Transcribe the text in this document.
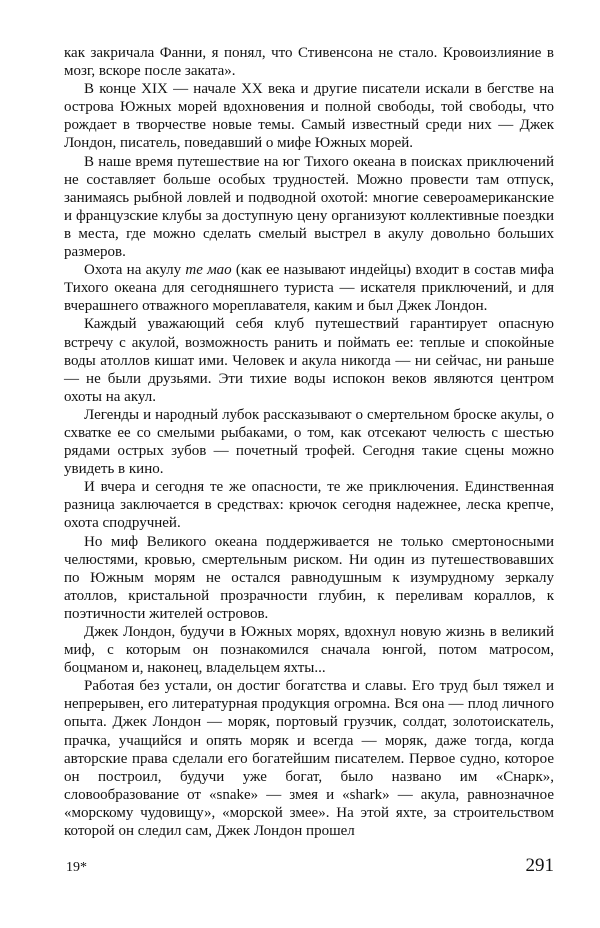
как закричала Фанни, я понял, что Стивенсона не стало. Кровоизлияние в мозг, вскоре после заката».

В конце XIX — начале XX века и другие писатели искали в бегстве на острова Южных морей вдохновения и полной свободы, той свободы, что рождает в творчестве новые темы. Самый известный среди них — Джек Лондон, писатель, поведавший о мифе Южных морей.

В наше время путешествие на юг Тихого океана в поисках приключений не составляет больше особых трудностей. Можно провести там отпуск, занимаясь рыбной ловлей и подводной охотой: многие североамериканские и французские клубы за доступную цену организуют коллективные поездки в места, где можно сделать смелый выстрел в акулу довольно больших размеров.

Охота на акулу те мао (как ее называют индейцы) входит в состав мифа Тихого океана для сегодняшнего туриста — искателя приключений, и для вчерашнего отважного мореплавателя, каким и был Джек Лондон.

Каждый уважающий себя клуб путешествий гарантирует опасную встречу с акулой, возможность ранить и поймать ее: теплые и спокойные воды атоллов кишат ими. Человек и акула никогда — ни сейчас, ни раньше — не были друзьями. Эти тихие воды испокон веков являются центром охоты на акул.

Легенды и народный лубок рассказывают о смертельном броске акулы, о схватке ее со смелыми рыбаками, о том, как отсекают челюсть с шестью рядами острых зубов — почетный трофей. Сегодня такие сцены можно увидеть в кино.

И вчера и сегодня те же опасности, те же приключения. Единственная разница заключается в средствах: крючок сегодня надежнее, леска крепче, охота сподручней.

Но миф Великого океана поддерживается не только смертоносными челюстями, кровью, смертельным риском. Ни один из путешествовавших по Южным морям не остался равнодушным к изумрудному зеркалу атоллов, кристальной прозрачности глубин, к переливам кораллов, к поэтичности жителей островов.

Джек Лондон, будучи в Южных морях, вдохнул новую жизнь в великий миф, с которым он познакомился сначала юнгой, потом матросом, боцманом и, наконец, владельцем яхты...

Работая без устали, он достиг богатства и славы. Его труд был тяжел и непрерывен, его литературная продукция огромна. Вся она — плод личного опыта. Джек Лондон — моряк, портовый грузчик, солдат, золотоискатель, прачка, учащийся и опять моряк и всегда — моряк, даже тогда, когда авторские права сделали его богатейшим писателем. Первое судно, которое он построил, будучи уже богат, было названо им «Снарк», словообразование от «snake» — змея и «shark» — акула, равнозначное «морскому чудовищу», «морской змее». На этой яхте, за строительством которой он следил сам, Джек Лондон прошел

19*	291
